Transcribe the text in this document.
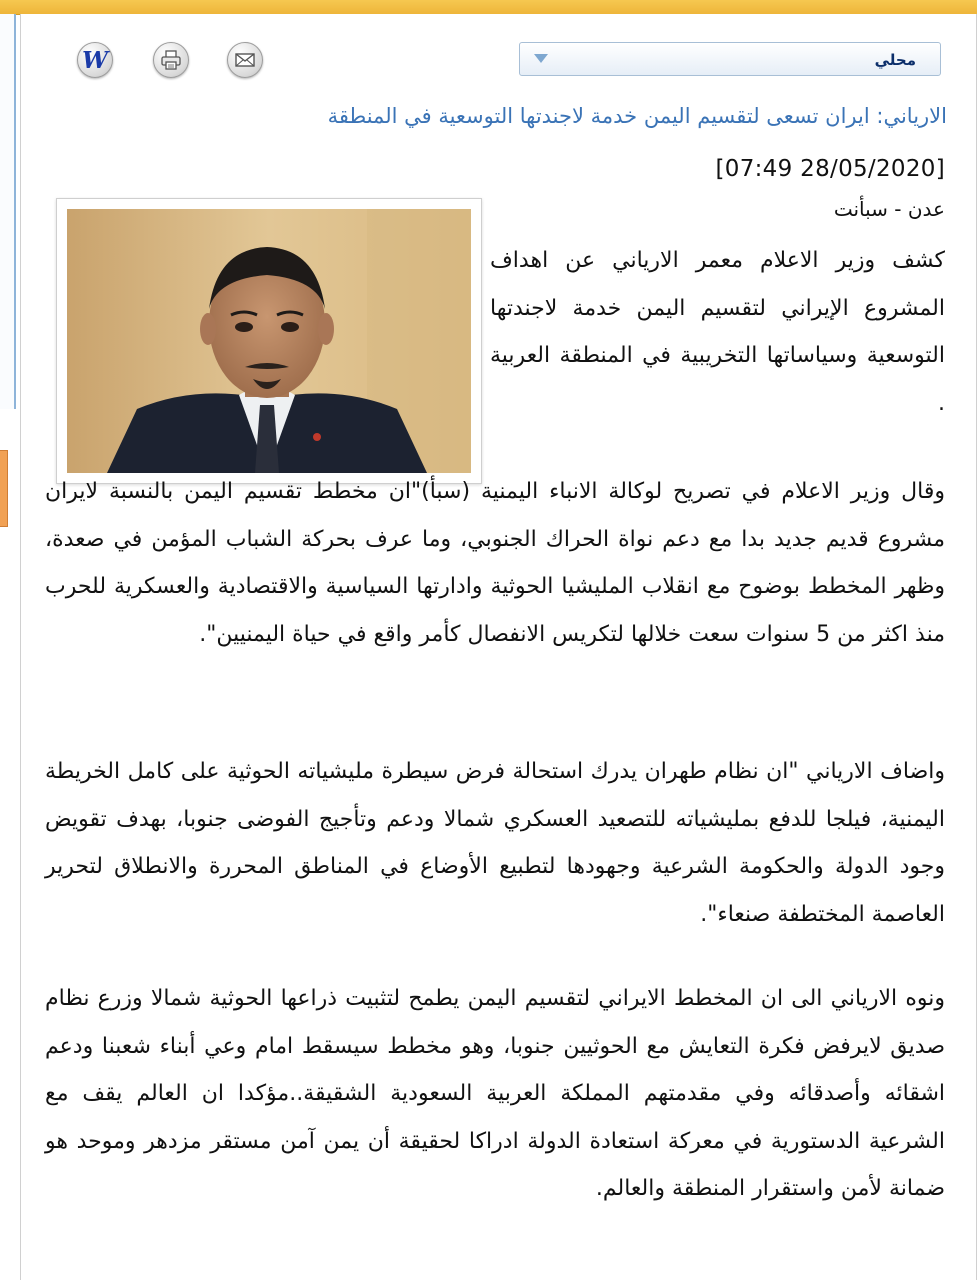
W	محلي
الارياني: ايران تسعى لتقسيم اليمن خدمة لاجندتها التوسعية في المنطقة
[07:49 28/05/2020]
عدن - سبأنت

كشف وزير الاعلام معمر الارياني عن اهداف المشروع الإيراني لتقسيم اليمن خدمة لاجندتها التوسعية وسياساتها التخريبية في المنطقة العربية .

وقال وزير الاعلام في تصريح لوكالة الانباء اليمنية (سبأ)"ان مخطط تقسيم اليمن بالنسبة لايران مشروع قديم جديد بدا مع دعم نواة الحراك الجنوبي، وما عرف بحركة الشباب المؤمن في صعدة، وظهر المخطط بوضوح مع انقلاب المليشيا الحوثية وادارتها السياسية والاقتصادية والعسكرية للحرب منذ اكثر من 5 سنوات سعت خلالها لتكريس الانفصال كأمر واقع في حياة اليمنيين".

واضاف الارياني "ان نظام طهران يدرك استحالة فرض سيطرة مليشياته الحوثية على كامل الخريطة اليمنية، فيلجا للدفع بمليشياته للتصعيد العسكري شمالا ودعم وتأجيج الفوضى جنوبا، بهدف تقويض وجود الدولة والحكومة الشرعية وجهودها لتطبيع الأوضاع في المناطق المحررة والانطلاق لتحرير العاصمة المختطفة صنعاء".

ونوه الارياني الى ان المخطط الايراني لتقسيم اليمن يطمح لتثبيت ذراعها الحوثية شمالا وزرع نظام صديق لايرفض فكرة التعايش مع الحوثيين جنوبا، وهو مخطط سيسقط امام وعي أبناء شعبنا ودعم اشقائه وأصدقائه وفي مقدمتهم المملكة العربية السعودية الشقيقة..مؤكدا ان العالم يقف مع الشرعية الدستورية في معركة استعادة الدولة ادراكا لحقيقة أن يمن آمن مستقر مزدهر وموحد هو ضمانة لأمن واستقرار المنطقة والعالم.
